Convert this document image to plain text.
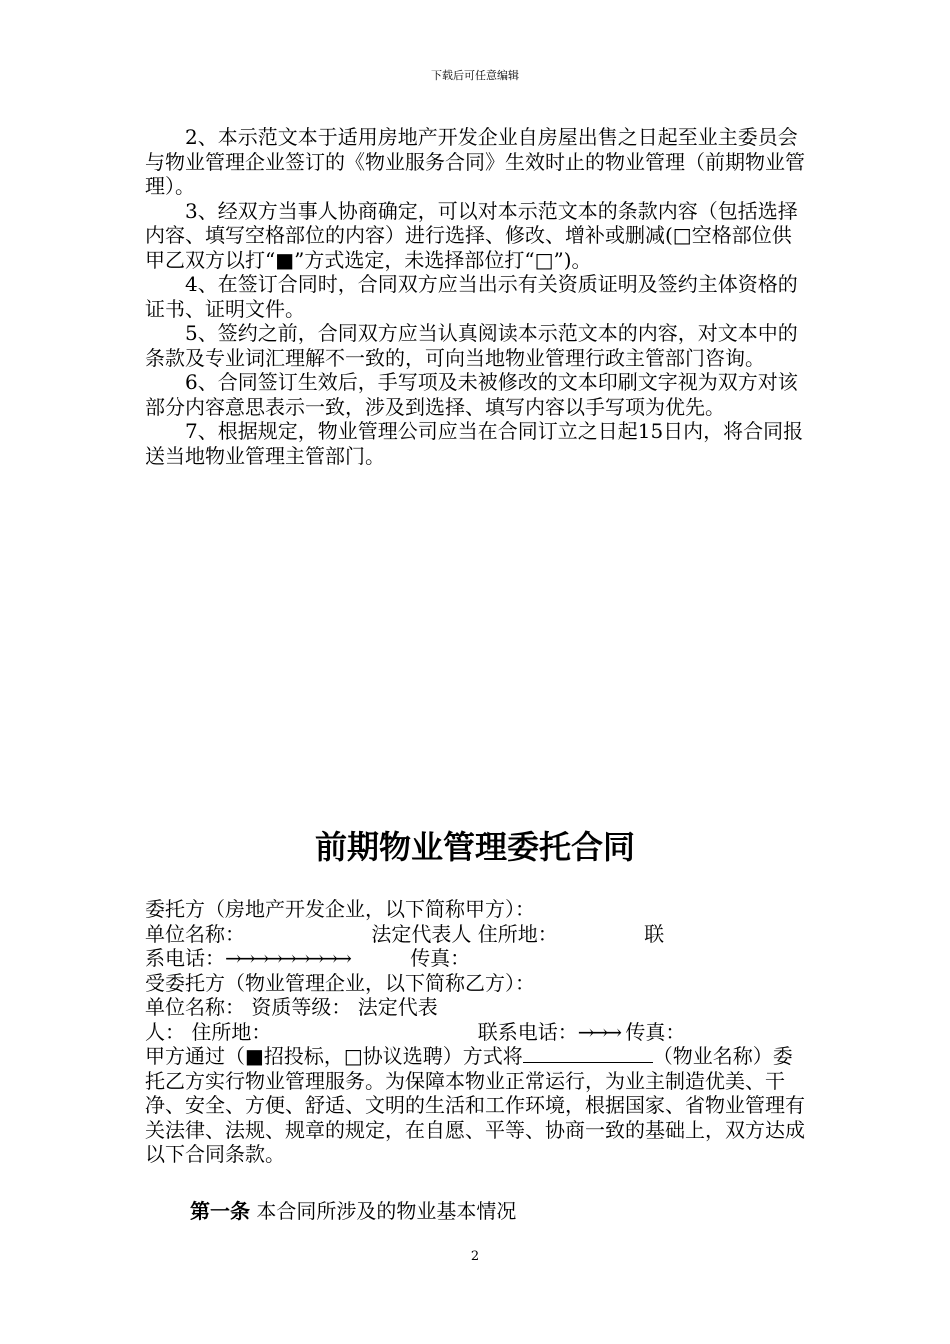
下载后可任意编辑

2、本示范文本于适用房地产开发企业自房屋出售之日起至业主委员会与物业管理企业签订的《物业服务合同》生效时止的物业管理（前期物业管理）。

3、经双方当事人协商确定，可以对本示范文本的条款内容（包括选择内容、填写空格部位的内容）进行选择、修改、增补或删减(□空格部位供甲乙双方以打“■”方式选定，未选择部位打“□”)。

4、在签订合同时，合同双方应当出示有关资质证明及签约主体资格的证书、证明文件。

5、签约之前，合同双方应当认真阅读本示范文本的内容，对文本中的条款及专业词汇理解不一致的，可向当地物业管理行政主管部门咨询。

6、合同签订生效后，手写项及未被修改的文本印刷文字视为双方对该部分内容意思表示一致，涉及到选择、填写内容以手写项为优先。

7、根据规定，物业管理公司应当在合同订立之日起15日内，将合同报送当地物业管理主管部门。

前期物业管理委托合同
委托方（房地产开发企业，以下简称甲方）：
单位名称：	法定代表人 住所地：	联
系电话：→→→→→→→→→	传真：
受委托方（物业管理企业，以下简称乙方）：
单位名称： 资质等级： 法定代表
人： 住所地：	联系电话：→→→ 传真：
甲方通过（■招投标，□协议选聘）方式将	（物业名称）委托乙方实行物业管理服务。为保障本物业正常运行，为业主制造优美、干净、安全、方便、舒适、文明的生活和工作环境，根据国家、省物业管理有关法律、法规、规章的规定，在自愿、平等、协商一致的基础上，双方达成以下合同条款。
第一条 本合同所涉及的物业基本情况
2
